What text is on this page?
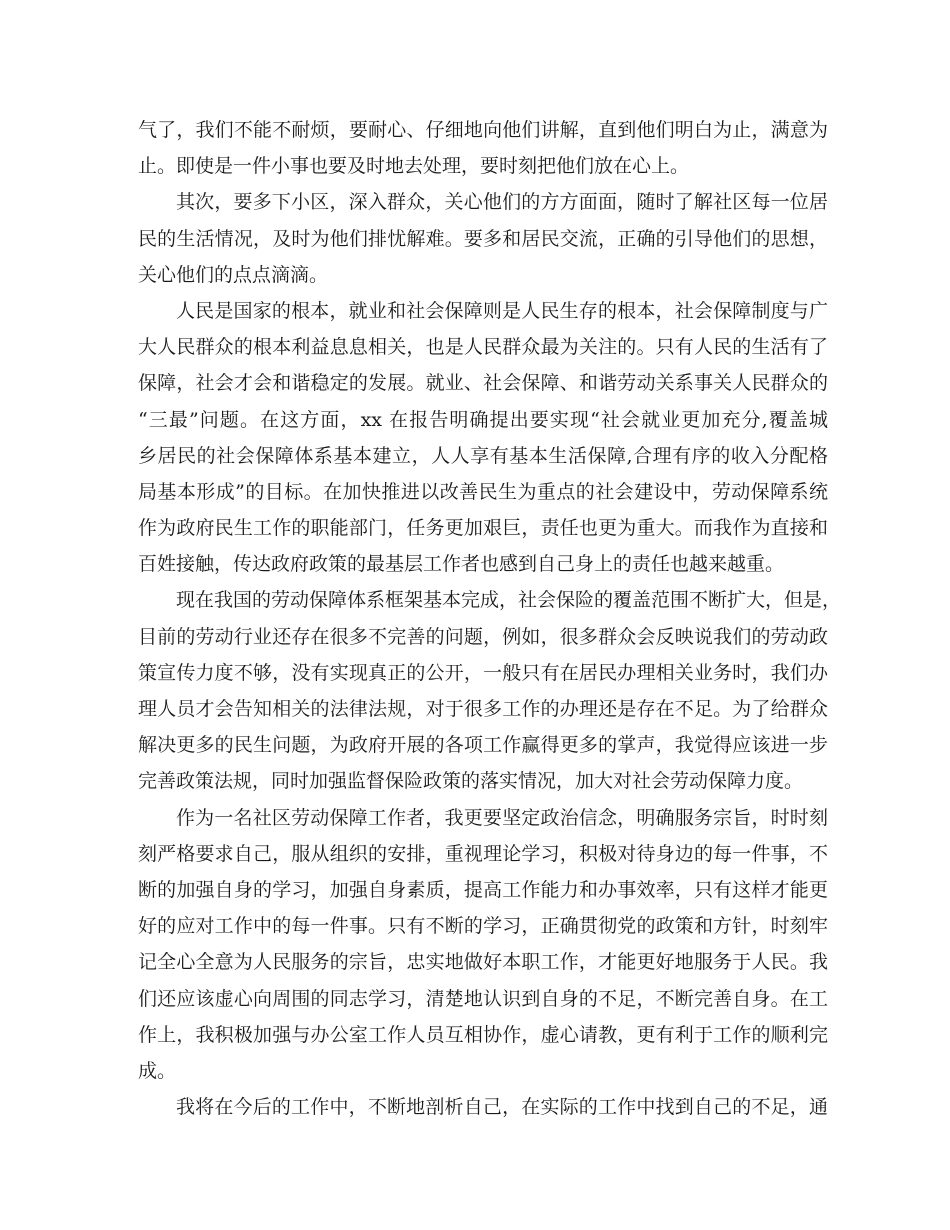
气了，我们不能不耐烦，要耐心、仔细地向他们讲解，直到他们明白为止，满意为
止。即使是一件小事也要及时地去处理，要时刻把他们放在心上。
其次，要多下小区，深入群众，关心他们的方方面面，随时了解社区每一位居
民的生活情况，及时为他们排忧解难。要多和居民交流，正确的引导他们的思想，
关心他们的点点滴滴。
人民是国家的根本，就业和社会保障则是人民生存的根本，社会保障制度与广
大人民群众的根本利益息息相关，也是人民群众最为关注的。只有人民的生活有了
保障，社会才会和谐稳定的发展。就业、社会保障、和谐劳动关系事关人民群众的
“三最”问题。在这方面，xx 在报告明确提出要实现“社会就业更加充分,覆盖城
乡居民的社会保障体系基本建立，人人享有基本生活保障,合理有序的收入分配格
局基本形成”的目标。在加快推进以改善民生为重点的社会建设中，劳动保障系统
作为政府民生工作的职能部门，任务更加艰巨，责任也更为重大。而我作为直接和
百姓接触，传达政府政策的最基层工作者也感到自己身上的责任也越来越重。
现在我国的劳动保障体系框架基本完成，社会保险的覆盖范围不断扩大，但是，
目前的劳动行业还存在很多不完善的问题，例如，很多群众会反映说我们的劳动政
策宣传力度不够，没有实现真正的公开，一般只有在居民办理相关业务时，我们办
理人员才会告知相关的法律法规，对于很多工作的办理还是存在不足。为了给群众
解决更多的民生问题，为政府开展的各项工作赢得更多的掌声，我觉得应该进一步
完善政策法规，同时加强监督保险政策的落实情况，加大对社会劳动保障力度。
作为一名社区劳动保障工作者，我更要坚定政治信念，明确服务宗旨，时时刻
刻严格要求自己，服从组织的安排，重视理论学习，积极对待身边的每一件事，不
断的加强自身的学习，加强自身素质，提高工作能力和办事效率，只有这样才能更
好的应对工作中的每一件事。只有不断的学习，正确贯彻党的政策和方针，时刻牢
记全心全意为人民服务的宗旨，忠实地做好本职工作，才能更好地服务于人民。我
们还应该虚心向周围的同志学习，清楚地认识到自身的不足，不断完善自身。在工
作上，我积极加强与办公室工作人员互相协作，虚心请教，更有利于工作的顺利完
成。
我将在今后的工作中，不断地剖析自己，在实际的工作中找到自己的不足，通
